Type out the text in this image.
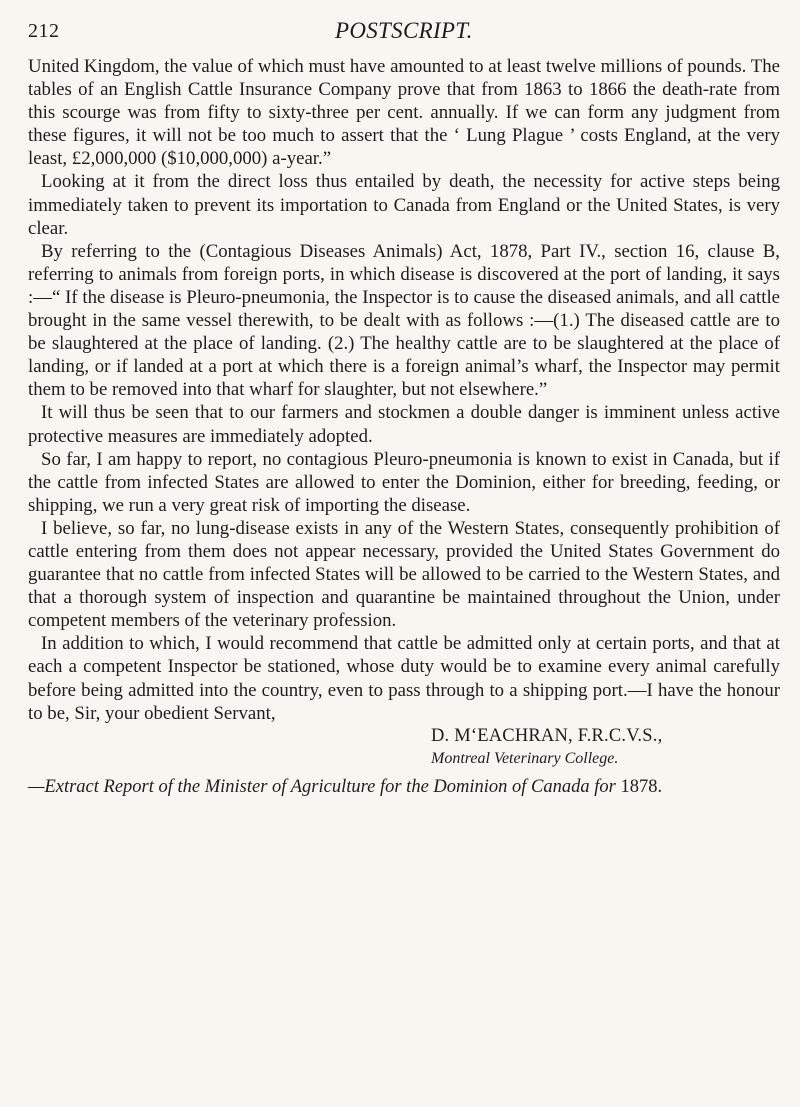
212	POSTSCRIPT.

United Kingdom, the value of which must have amounted to at least twelve millions of pounds. The tables of an English Cattle Insurance Company prove that from 1863 to 1866 the death-rate from this scourge was from fifty to sixty-three per cent. annually. If we can form any judgment from these figures, it will not be too much to assert that the ‘ Lung Plague ’ costs England, at the very least, £2,000,000 ($10,000,000) a-year.”

Looking at it from the direct loss thus entailed by death, the necessity for active steps being immediately taken to prevent its importation to Canada from England or the United States, is very clear.

By referring to the (Contagious Diseases Animals) Act, 1878, Part IV., section 16, clause B, referring to animals from foreign ports, in which disease is discovered at the port of landing, it says :—“ If the disease is Pleuro-pneumonia, the Inspector is to cause the diseased animals, and all cattle brought in the same vessel therewith, to be dealt with as follows :—(1.) The diseased cattle are to be slaughtered at the place of landing. (2.) The healthy cattle are to be slaughtered at the place of landing, or if landed at a port at which there is a foreign animal’s wharf, the Inspector may permit them to be removed into that wharf for slaughter, but not elsewhere.”

It will thus be seen that to our farmers and stockmen a double danger is imminent unless active protective measures are immediately adopted.

So far, I am happy to report, no contagious Pleuro-pneumonia is known to exist in Canada, but if the cattle from infected States are allowed to enter the Dominion, either for breeding, feeding, or shipping, we run a very great risk of importing the disease.

I believe, so far, no lung-disease exists in any of the Western States, consequently prohibition of cattle entering from them does not appear necessary, provided the United States Government do guarantee that no cattle from infected States will be allowed to be carried to the Western States, and that a thorough system of inspection and quarantine be maintained throughout the Union, under competent members of the veterinary profession.

In addition to which, I would recommend that cattle be admitted only at certain ports, and that at each a competent Inspector be stationed, whose duty would be to examine every animal carefully before being admitted into the country, even to pass through to a shipping port.—I have the honour to be, Sir, your obedient Servant,

D. M‘EACHRAN, F.R.C.V.S.,
Montreal Veterinary College.
—Extract Report of the Minister of Agriculture for the Dominion of Canada for 1878.
